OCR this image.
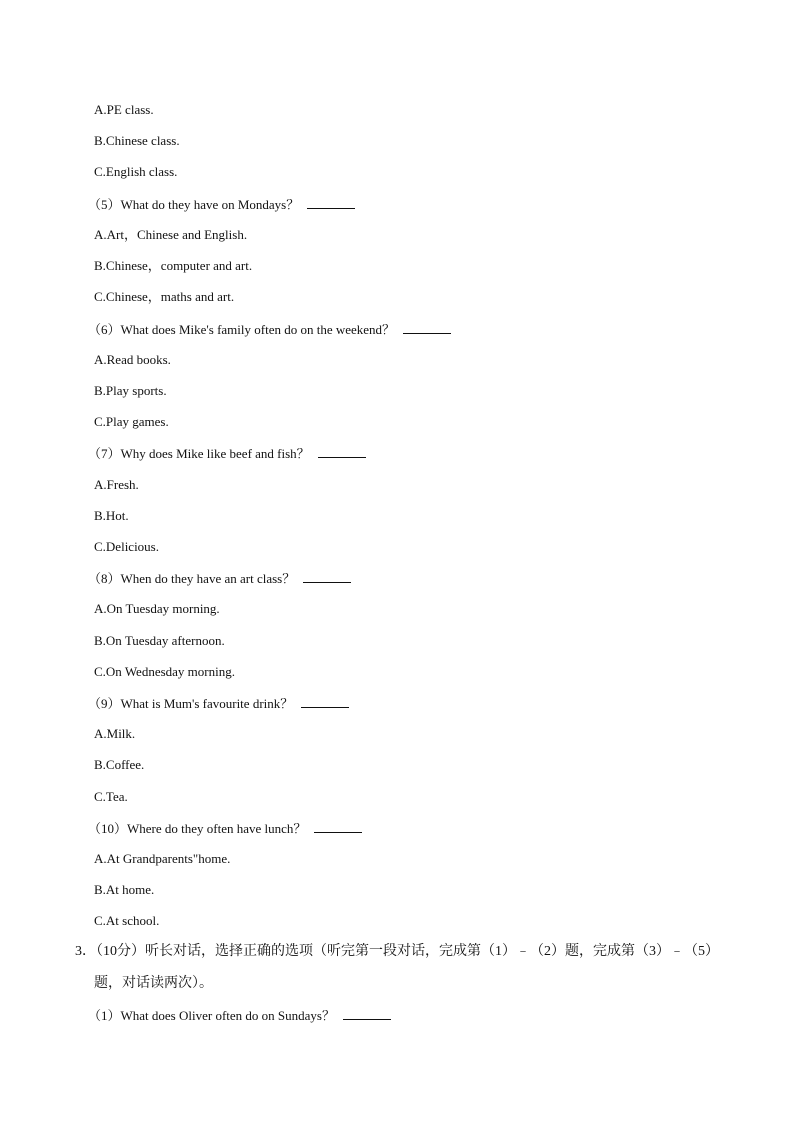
A.PE class.
B.Chinese class.
C.English class.
（5）What do they have on Mondays？
A.Art，Chinese and English.
B.Chinese，computer and art.
C.Chinese，maths and art.
（6）What does Mike's family often do on the weekend？
A.Read books.
B.Play sports.
C.Play games.
（7）Why does Mike like beef and fish？
A.Fresh.
B.Hot.
C.Delicious.
（8）When do they have an art class？
A.On Tuesday morning.
B.On Tuesday afternoon.
C.On Wednesday morning.
（9）What is Mum's favourite drink？
A.Milk.
B.Coffee.
C.Tea.
（10）Where do they often have lunch？
A.At Grandparents"home.
B.At home.
C.At school.
3．（10分）听长对话，选择正确的选项（听完第一段对话，完成第（1）﹣（2）题，完成第（3）﹣（5）
题，对话读两次）。
（1）What does Oliver often do on Sundays？
